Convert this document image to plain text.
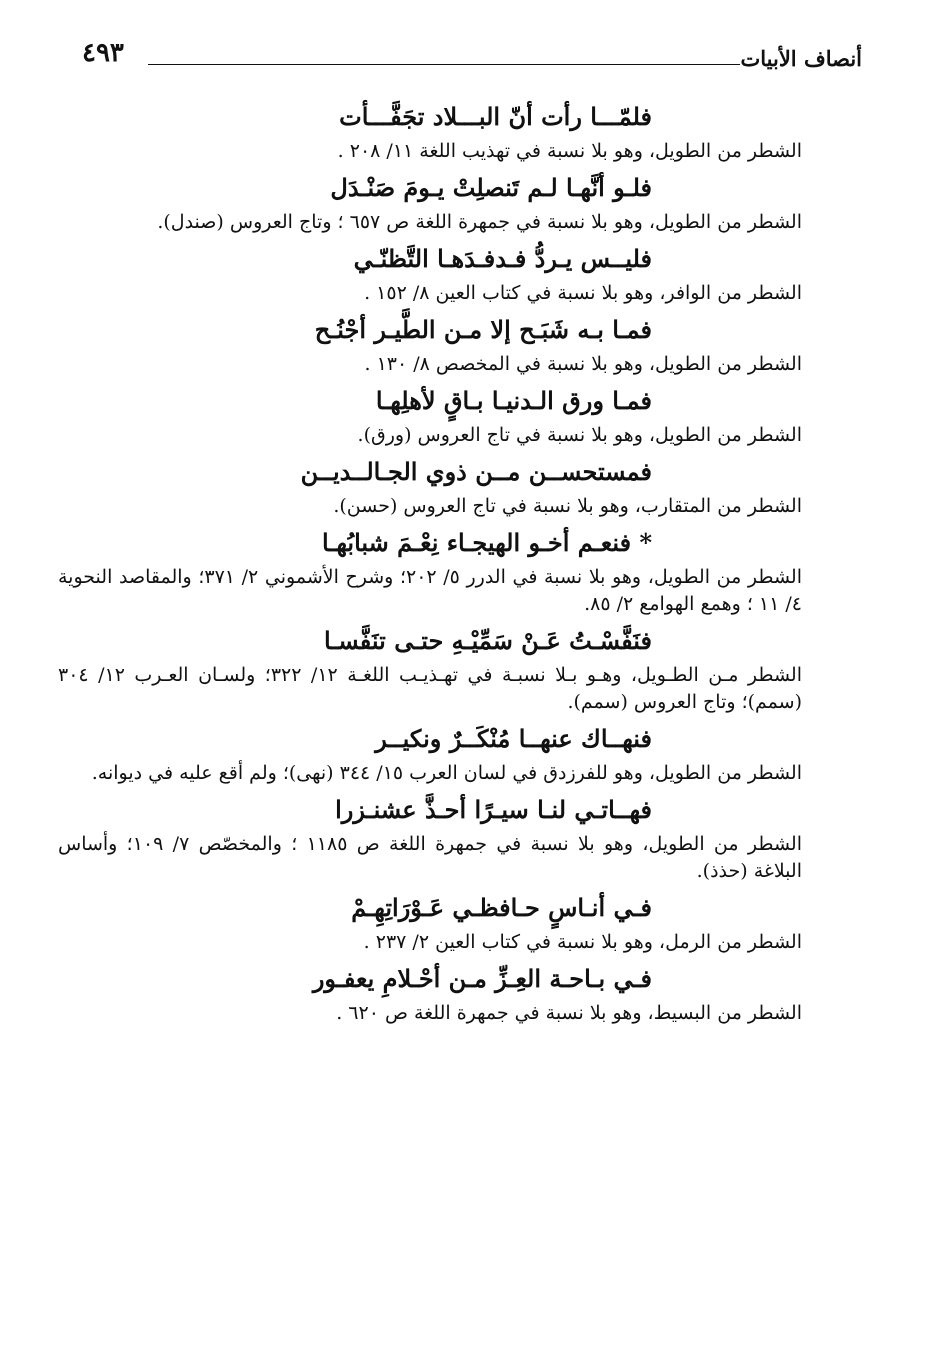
٤٩٣	أنصاف الأبيات
فلمّـــا رأت أنّ البـــلاد تجَفَّـــأت
الشطر من الطويل، وهو بلا نسبة في تهذيب اللغة ١١/ ٢٠٨ .
فلـو أنَّهـا لـم تَنصلِتْ يـومَ صَنْـدَل
الشطر من الطويل، وهو بلا نسبة في جمهرة اللغة ص ٦٥٧ ؛ وتاج العروس (صندل).
فليــس يـردُّ فـدفـدَهـا التَّظنّـي
الشطر من الوافر، وهو بلا نسبة في كتاب العين ٨/ ١٥٢ .
فمـا بـه شَبَـح إلا مـن الطَّيـر أجْنُـح
الشطر من الطويل، وهو بلا نسبة في المخصص ٨/ ١٣٠ .
فمـا ورق الـدنيـا بـاقٍ لأهلِهـا
الشطر من الطويل، وهو بلا نسبة في تاج العروس (ورق).
فمستحســن مــن ذوي الجـالــديــن
الشطر من المتقارب، وهو بلا نسبة في تاج العروس (حسن).
* فنعـم أخـو الهيجـاء نِعْـمَ شبابُهـا
الشطر من الطويل، وهو بلا نسبة في الدرر ٥/ ٢٠٢؛ وشرح الأشموني ٢/ ٣٧١؛ والمقاصد النحوية ٤/ ١١ ؛ وهمع الهوامع ٢/ ٨٥.
فنَفَّسْـتُ عَـنْ سَمِّيْـهِ حتـى تنَفَّسـا
الشطر مـن الطـويل، وهـو بـلا نسبـة في تهـذيـب اللغـة ١٢/ ٣٢٢؛ ولسـان العـرب ١٢/ ٣٠٤ (سمم)؛ وتاج العروس (سمم).
فنهــاك عنهــا مُنْكَــرٌ ونكيــر
الشطر من الطويل، وهو للفرزدق في لسان العرب ١٥/ ٣٤٤ (نهى)؛ ولم أقع عليه في ديوانه.
فهــاتـي لنـا سيـرًا أحـذَّ عشنـزرا
الشطر من الطويل، وهو بلا نسبة في جمهرة اللغة ص ١١٨٥ ؛ والمخصّص ٧/ ١٠٩؛ وأساس البلاغة (حذذ).
فـي أنـاسٍ حـافظـي عَـوْرَاتِهِـمْ
الشطر من الرمل، وهو بلا نسبة في كتاب العين ٢/ ٢٣٧ .
فـي بـاحـة العِـزِّ مـن أحْـلامِ يعفـور
الشطر من البسيط، وهو بلا نسبة في جمهرة اللغة ص ٦٢٠ .
